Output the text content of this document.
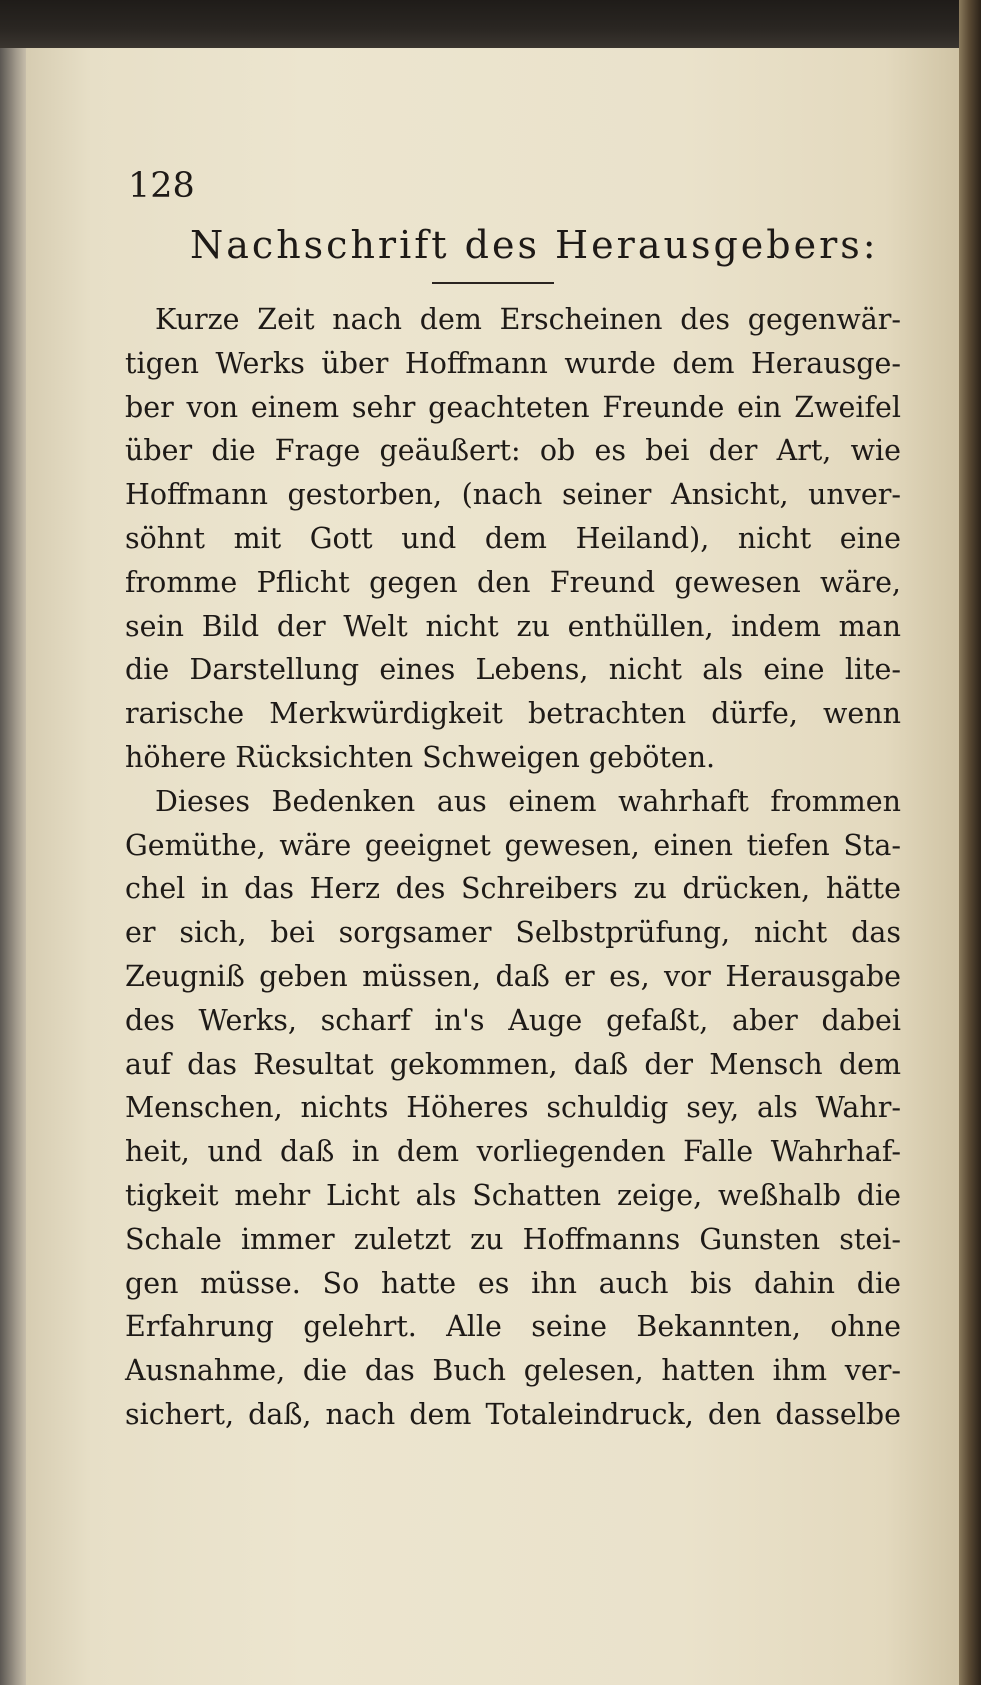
128

Nachschrift des Herausgebers:

Kurze Zeit nach dem Erscheinen des gegenwär-
tigen Werks über Hoffmann wurde dem Herausge-
ber von einem sehr geachteten Freunde ein Zweifel
über die Frage geäußert: ob es bei der Art, wie
Hoffmann gestorben, (nach seiner Ansicht, unver-
söhnt mit Gott und dem Heiland), nicht eine
fromme Pflicht gegen den Freund gewesen wäre,
sein Bild der Welt nicht zu enthüllen, indem man
die Darstellung eines Lebens, nicht als eine lite-
rarische Merkwürdigkeit betrachten dürfe, wenn
höhere Rücksichten Schweigen geböten.

Dieses Bedenken aus einem wahrhaft frommen
Gemüthe, wäre geeignet gewesen, einen tiefen Sta-
chel in das Herz des Schreibers zu drücken, hätte
er sich, bei sorgsamer Selbstprüfung, nicht das
Zeugniß geben müssen, daß er es, vor Herausgabe
des Werks, scharf in's Auge gefaßt, aber dabei
auf das Resultat gekommen, daß der Mensch dem
Menschen, nichts Höheres schuldig sey, als Wahr-
heit, und daß in dem vorliegenden Falle Wahrhaf-
tigkeit mehr Licht als Schatten zeige, weßhalb die
Schale immer zuletzt zu Hoffmanns Gunsten stei-
gen müsse. So hatte es ihn auch bis dahin die
Erfahrung gelehrt. Alle seine Bekannten, ohne
Ausnahme, die das Buch gelesen, hatten ihm ver-
sichert, daß, nach dem Totaleindruck, den dasselbe
